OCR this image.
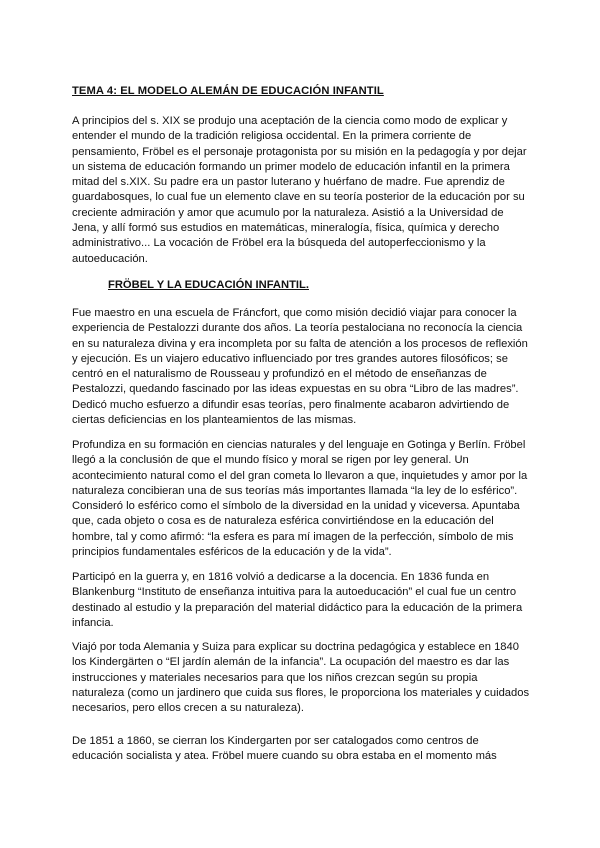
TEMA 4: EL MODELO ALEMÁN DE EDUCACIÓN INFANTIL

A principios del s. XIX se produjo una aceptación de la ciencia como modo de explicar y entender el mundo de la tradición religiosa occidental. En la primera corriente de pensamiento, Fröbel es el personaje protagonista por su misión en la pedagogía y por dejar un sistema de educación formando un primer modelo de educación infantil en la primera mitad del s.XIX. Su padre era un pastor luterano y huérfano de madre. Fue aprendiz de guardabosques, lo cual fue un elemento clave en su teoría posterior de la educación por su creciente admiración y amor que acumulo por la naturaleza. Asistió a la Universidad de Jena, y allí formó sus estudios en matemáticas, mineralogía, física, química y derecho administrativo... La vocación de Fröbel era la búsqueda del autoperfeccionismo y la autoeducación.

FRÖBEL Y LA EDUCACIÓN INFANTIL.

Fue maestro en una escuela de Fráncfort, que como misión decidió viajar para conocer la experiencia de Pestalozzi durante dos años. La teoría pestalociana no reconocía la ciencia en su naturaleza divina y era incompleta por su falta de atención a los procesos de reflexión y ejecución. Es un viajero educativo influenciado por tres grandes autores filosóficos; se centró en el naturalismo de Rousseau y profundizó en el método de enseñanzas de Pestalozzi, quedando fascinado por las ideas expuestas en su obra “Libro de las madres”. Dedicó mucho esfuerzo a difundir esas teorías, pero finalmente acabaron advirtiendo de ciertas deficiencias en los planteamientos de las mismas.

Profundiza en su formación en ciencias naturales y del lenguaje en Gotinga y Berlín. Fröbel llegó a la conclusión de que el mundo físico y moral se rigen por ley general. Un acontecimiento natural como el del gran cometa lo llevaron a que, inquietudes y amor por la naturaleza concibieran una de sus teorías más importantes llamada “la ley de lo esférico”. Consideró lo esférico como el símbolo de la diversidad en la unidad y viceversa. Apuntaba que, cada objeto o cosa es de naturaleza esférica convirtiéndose en la educación del hombre, tal y como afirmó: “la esfera es para mí imagen de la perfección, símbolo de mis principios fundamentales esféricos de la educación y de la vida”.

Participó en la guerra y, en 1816 volvió a dedicarse a la docencia. En 1836 funda en Blankenburg “Instituto de enseñanza intuitiva para la autoeducación” el cual fue un centro destinado al estudio y la preparación del material didáctico para la educación de la primera infancia.

Viajó por toda Alemania y Suiza para explicar su doctrina pedagógica y establece en 1840 los Kindergärten o “El jardín alemán de la infancia”. La ocupación del maestro es dar las instrucciones y materiales necesarios para que los niños crezcan según su propia naturaleza (como un jardinero que cuida sus flores, le proporciona los materiales y cuidados necesarios, pero ellos crecen a su naturaleza).

De 1851 a 1860, se cierran los Kindergarten por ser catalogados como centros de educación socialista y atea. Fröbel muere cuando su obra estaba en el momento más
